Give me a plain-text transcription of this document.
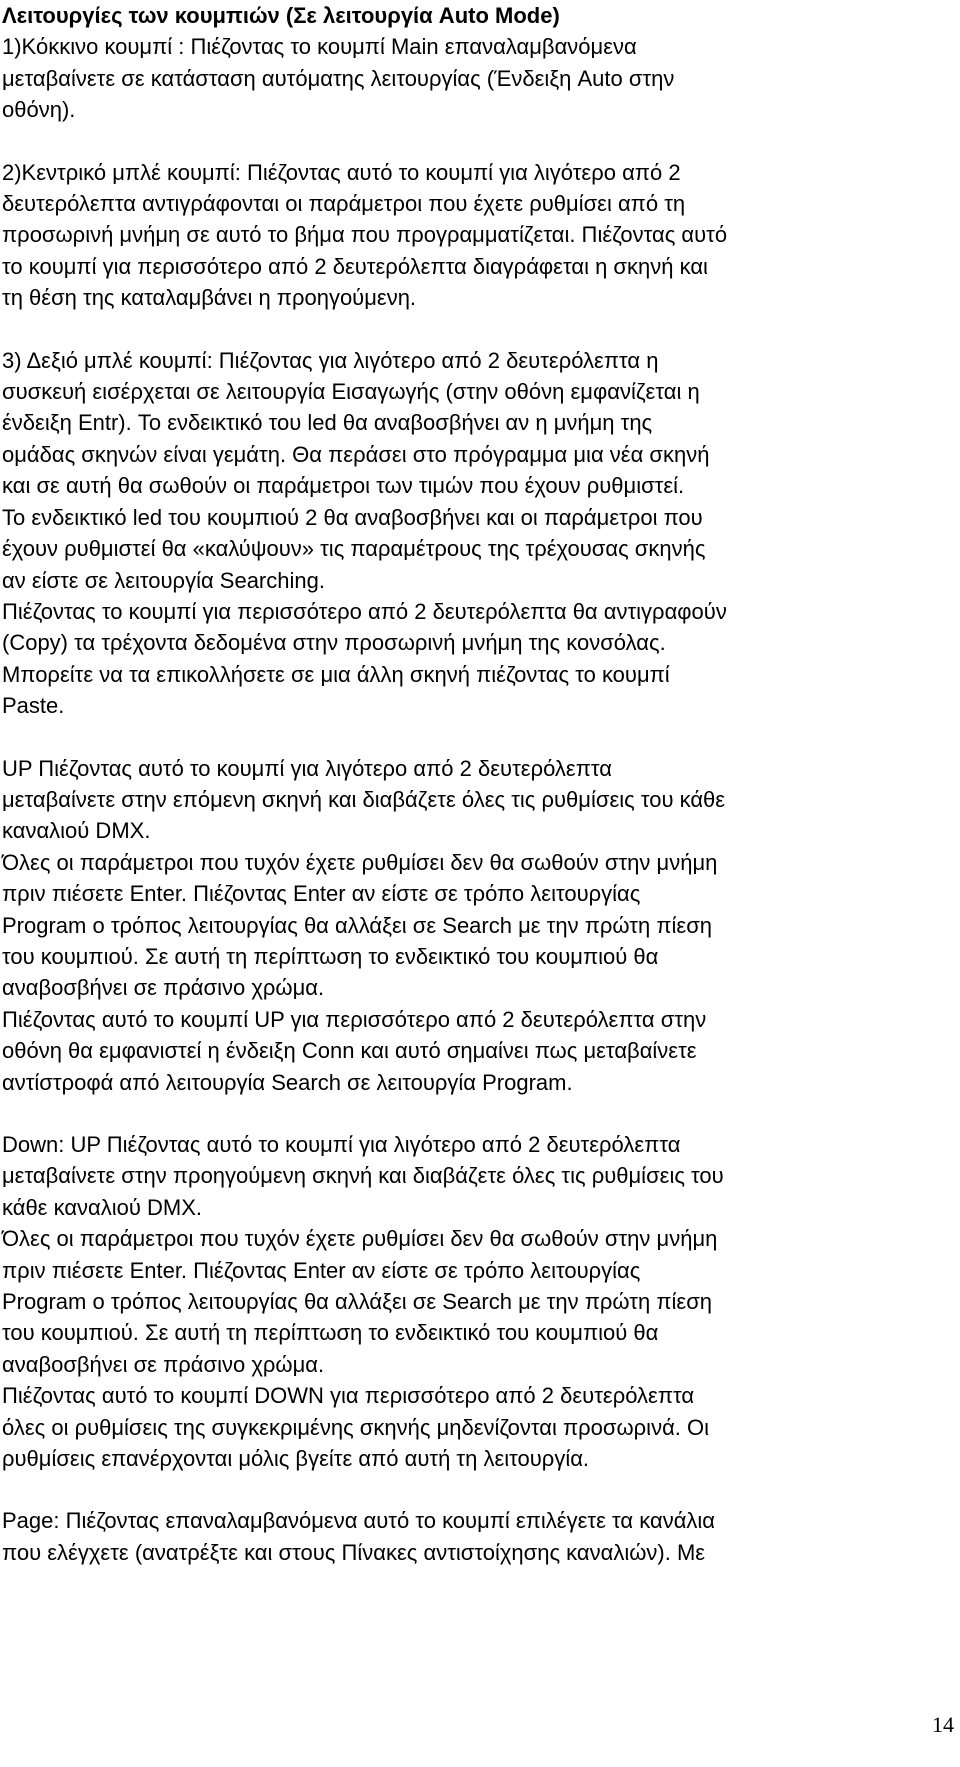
Λειτουργίες των κουμπιών (Σε λειτουργία Auto Mode)

1)Κόκκινο κουμπί : Πιέζοντας το κουμπί Main επαναλαμβανόμενα
μεταβαίνετε σε κατάσταση αυτόματης λειτουργίας (Ένδειξη Auto στην
οθόνη).
2)Κεντρικό μπλέ κουμπί: Πιέζοντας αυτό το κουμπί για λιγότερο από 2
δευτερόλεπτα αντιγράφονται οι παράμετροι που έχετε ρυθμίσει από τη
προσωρινή μνήμη σε αυτό το βήμα που προγραμματίζεται. Πιέζοντας αυτό
το κουμπί για περισσότερο από 2 δευτερόλεπτα διαγράφεται η σκηνή και
τη θέση της καταλαμβάνει η προηγούμενη.
3) Δεξιό μπλέ κουμπί: Πιέζοντας για λιγότερο από 2 δευτερόλεπτα η
συσκευή εισέρχεται σε λειτουργία Εισαγωγής (στην οθόνη εμφανίζεται η
ένδειξη Entr). Το ενδεικτικό του led θα αναβοσβήνει αν η μνήμη της
ομάδας σκηνών είναι γεμάτη. Θα περάσει στο πρόγραμμα μια νέα σκηνή
και σε αυτή θα σωθούν οι παράμετροι των τιμών που έχουν ρυθμιστεί.
Το ενδεικτικό led του κουμπιού 2 θα αναβοσβήνει και οι παράμετροι που
έχουν ρυθμιστεί θα «καλύψουν» τις παραμέτρους της τρέχουσας σκηνής
αν είστε σε λειτουργία Searching.
Πιέζοντας το κουμπί για περισσότερο από 2 δευτερόλεπτα θα αντιγραφούν
(Copy) τα τρέχοντα δεδομένα στην προσωρινή μνήμη της κονσόλας.
Μπορείτε να τα επικολλήσετε σε μια άλλη σκηνή πιέζοντας το κουμπί
Paste.
UP Πιέζοντας αυτό το κουμπί για λιγότερο από 2 δευτερόλεπτα
μεταβαίνετε στην επόμενη σκηνή και διαβάζετε όλες τις ρυθμίσεις του κάθε
καναλιού DMX.
Όλες οι παράμετροι που τυχόν έχετε ρυθμίσει δεν θα σωθούν στην μνήμη
πριν πιέσετε Enter. Πιέζοντας Enter αν είστε σε τρόπο λειτουργίας
Program ο τρόπος λειτουργίας θα αλλάξει σε Search με την πρώτη πίεση
του κουμπιού. Σε αυτή τη περίπτωση το ενδεικτικό του κουμπιού θα
αναβοσβήνει σε πράσινο χρώμα.
Πιέζοντας αυτό το κουμπί UP για περισσότερο από 2 δευτερόλεπτα στην
οθόνη θα εμφανιστεί η ένδειξη Conn και αυτό σημαίνει πως μεταβαίνετε
αντίστροφά από λειτουργία Search σε λειτουργία Program.
Down: UP Πιέζοντας αυτό το κουμπί για λιγότερο από 2 δευτερόλεπτα
μεταβαίνετε στην προηγούμενη σκηνή και διαβάζετε όλες τις ρυθμίσεις του
κάθε καναλιού DMX.
Όλες οι παράμετροι που τυχόν έχετε ρυθμίσει δεν θα σωθούν στην μνήμη
πριν πιέσετε Enter. Πιέζοντας Enter αν είστε σε τρόπο λειτουργίας
Program ο τρόπος λειτουργίας θα αλλάξει σε Search με την πρώτη πίεση
του κουμπιού. Σε αυτή τη περίπτωση το ενδεικτικό του κουμπιού θα
αναβοσβήνει σε πράσινο χρώμα.
Πιέζοντας αυτό το κουμπί DOWN για περισσότερο από 2 δευτερόλεπτα
όλες οι ρυθμίσεις της συγκεκριμένης σκηνής μηδενίζονται προσωρινά. Οι
ρυθμίσεις επανέρχονται μόλις βγείτε από αυτή τη λειτουργία.
Page: Πιέζοντας επαναλαμβανόμενα αυτό το κουμπί επιλέγετε τα κανάλια
που ελέγχετε (ανατρέξτε και στους Πίνακες αντιστοίχησης καναλιών). Με
14
